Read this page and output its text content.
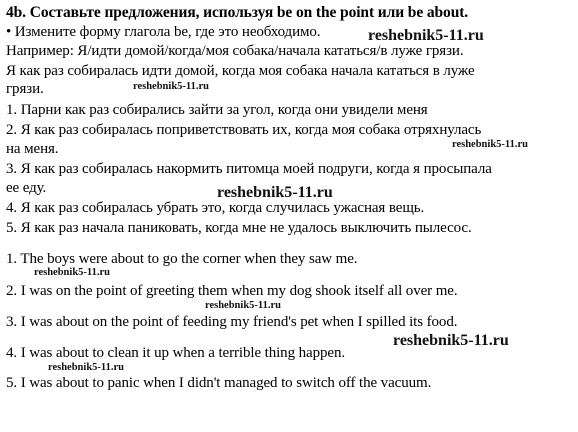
4b. Составьте предложения, используя be on the point или be about.
• Измените форму глагола be, где это необходимо.
Например: Я/идти домой/когда/моя собака/начала кататься/в луже грязи.
Я как раз собиралась идти домой, когда моя собака начала кататься в луже
грязи.
1. Парни как раз собирались зайти за угол, когда они увидели меня
2. Я как раз собиралась поприветствовать их, когда моя собака отряхнулась
на меня.
3. Я как раз собиралась накормить питомца моей подруги, когда я просыпала
ее еду.
4. Я как раз собиралась убрать это, когда случилась ужасная вещь.
5. Я как раз начала паниковать, когда мне не удалось выключить пылесос.
1. The boys were about to go the corner when they saw me.
2. I was on the point of greeting them when my dog shook itself all over me.
3. I was about on the point of feeding my friend's pet when I spilled its food.
4. I was about to clean it up when a terrible thing happen.
5. I was about to panic when I didn't managed to switch off the vacuum.
reshebnik5-11.ru
reshebnik5-11.ru
reshebnik5-11.ru
reshebnik5-11.ru
reshebnik5-11.ru
reshebnik5-11.ru
reshebnik5-11.ru
reshebnik5-11.ru
